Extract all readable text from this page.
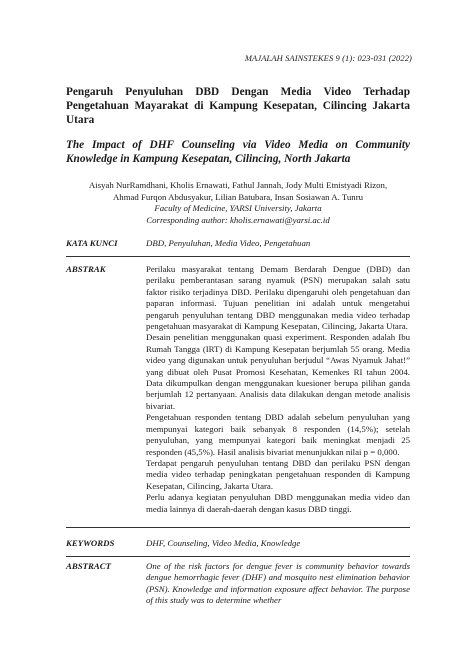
MAJALAH SAINSTEKES 9 (1): 023-031 (2022)
Pengaruh Penyuluhan DBD Dengan Media Video Terhadap Pengetahuan Mayarakat di Kampung Kesepatan, Cilincing Jakarta Utara
The Impact of DHF Counseling via Video Media on Community Knowledge in Kampung Kesepatan, Cilincing, North Jakarta
Aisyah NurRamdhani, Kholis Ernawati, Fathul Jannah, Jody Multi Etnistyadi Rizon,
Ahmad Furqon Abdusyakur, Lilian Batubara, Insan Sosiawan A. Tunru
Faculty of Medicine, YARSI University, Jakarta
Corresponding author: kholis.ernawati@yarsi.ac.id
KATA KUNCI	DBD, Penyuluhan, Media Video, Pengetahuan
ABSTRAK	Perilaku masyarakat tentang Demam Berdarah Dengue (DBD) dan perilaku pemberantasan sarang nyamuk (PSN) merupakan salah satu faktor risiko terjadinya DBD. Perilaku dipengaruhi oleh pengetahuan dan paparan informasi. Tujuan penelitian ini adalah untuk mengetahui pengaruh penyuluhan tentang DBD menggunakan media video terhadap pengetahuan masyarakat di Kampung Kesepatan, Cilincing, Jakarta Utara.

Desain penelitian menggunakan quasi experiment. Responden adalah Ibu Rumah Tangga (IRT) di Kampung Kesepatan berjumlah 55 orang. Media video yang digunakan untuk penyuluhan berjudul “Awas Nyamuk Jahat!” yang dibuat oleh Pusat Promosi Kesehatan, Kemenkes RI tahun 2004. Data dikumpulkan dengan menggunakan kuesioner berupa pilihan ganda berjumlah 12 pertanyaan. Analisis data dilakukan dengan metode analisis bivariat.

Pengetahuan responden tentang DBD adalah sebelum penyuluhan yang mempunyai kategori baik sebanyak 8 responden (14,5%); setelah penyuluhan, yang mempunyai kategori baik meningkat menjadi 25 responden (45,5%). Hasil analisis bivariat menunjukkan nilai p = 0,000.

Terdapat pengaruh penyuluhan tentang DBD dan perilaku PSN dengan media video terhadap peningkatan pengetahuan responden di Kampung Kesepatan, Cilincing, Jakarta Utara.

Perlu adanya kegiatan penyuluhan DBD menggunakan media video dan media lainnya di daerah-daerah dengan kasus DBD tinggi.

KEYWORDS	DHF, Counseling, Video Media, Knowledge
ABSTRACT	One of the risk factors for dengue fever is community behavior towards dengue hemorrhagic fever (DHF) and mosquito nest elimination behavior (PSN). Knowledge and information exposure affect behavior. The purpose of this study was to determine whether
